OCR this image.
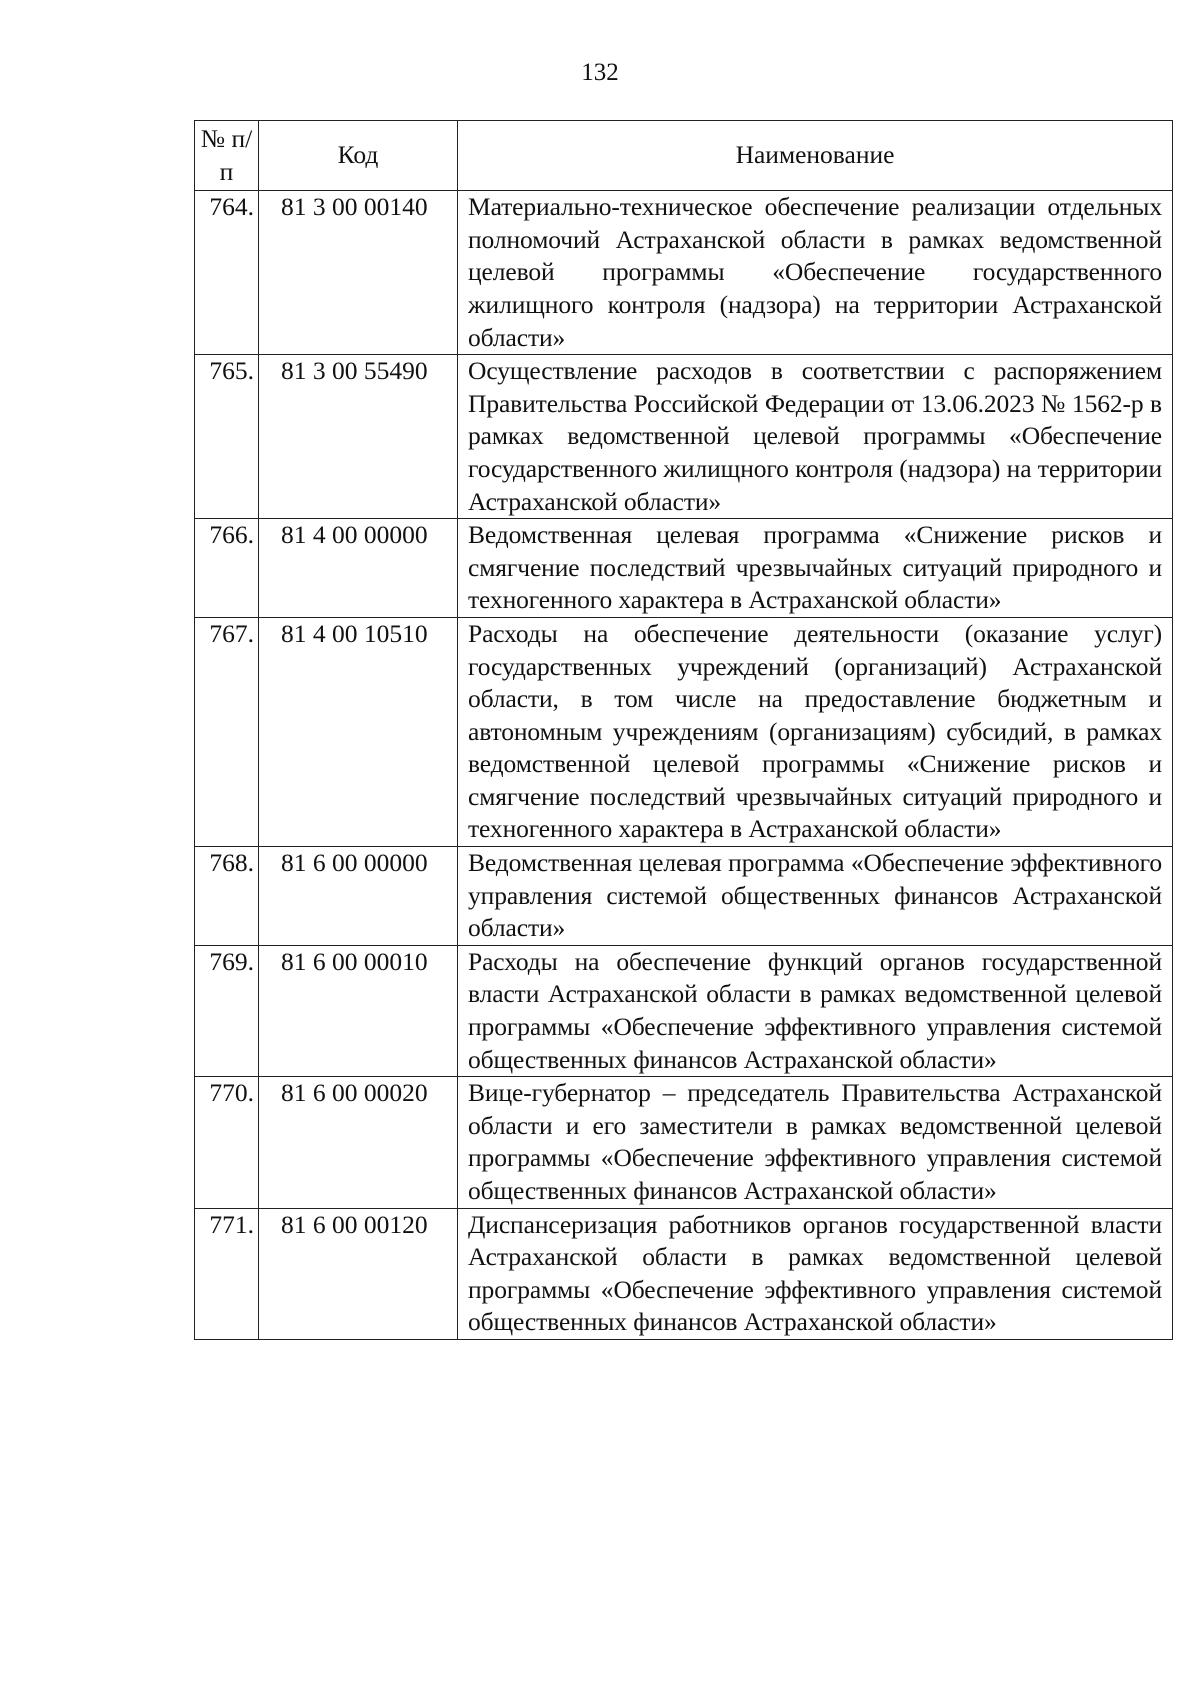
132
№ п/п	Код	Наименование
764.	81 3 00 00140	Материально-техническое обеспечение реализации отдельных полномочий Астраханской области в рамках ведомственной целевой программы «Обеспечение государственного жилищного контроля (надзора) на территории Астраханской области»
765.	81 3 00 55490	Осуществление расходов в соответствии с распоряжением Правительства Российской Федерации от 13.06.2023 № 1562-р в рамках ведомственной целевой программы «Обеспечение государственного жилищного контроля (надзора) на территории Астраханской области»
766.	81 4 00 00000	Ведомственная целевая программа «Снижение рисков и смягчение последствий чрезвычайных ситуаций природного и техногенного характера в Астраханской области»
767.	81 4 00 10510	Расходы на обеспечение деятельности (оказание услуг) государственных учреждений (организаций) Астраханской области, в том числе на предоставление бюджетным и автономным учреждениям (организациям) субсидий, в рамках ведомственной целевой программы «Снижение рисков и смягчение последствий чрезвычайных ситуаций природного и техногенного характера в Астраханской области»
768.	81 6 00 00000	Ведомственная целевая программа «Обеспечение эффективного управления системой общественных финансов Астраханской области»
769.	81 6 00 00010	Расходы на обеспечение функций органов государственной власти Астраханской области в рамках ведомственной целевой программы «Обеспечение эффективного управления системой общественных финансов Астраханской области»
770.	81 6 00 00020	Вице-губернатор – председатель Правительства Астраханской области и его заместители в рамках ведомственной целевой программы «Обеспечение эффективного управления системой общественных финансов Астраханской области»
771.	81 6 00 00120	Диспансеризация работников органов государственной власти Астраханской области в рамках ведомственной целевой программы «Обеспечение эффективного управления системой общественных финансов Астраханской области»
